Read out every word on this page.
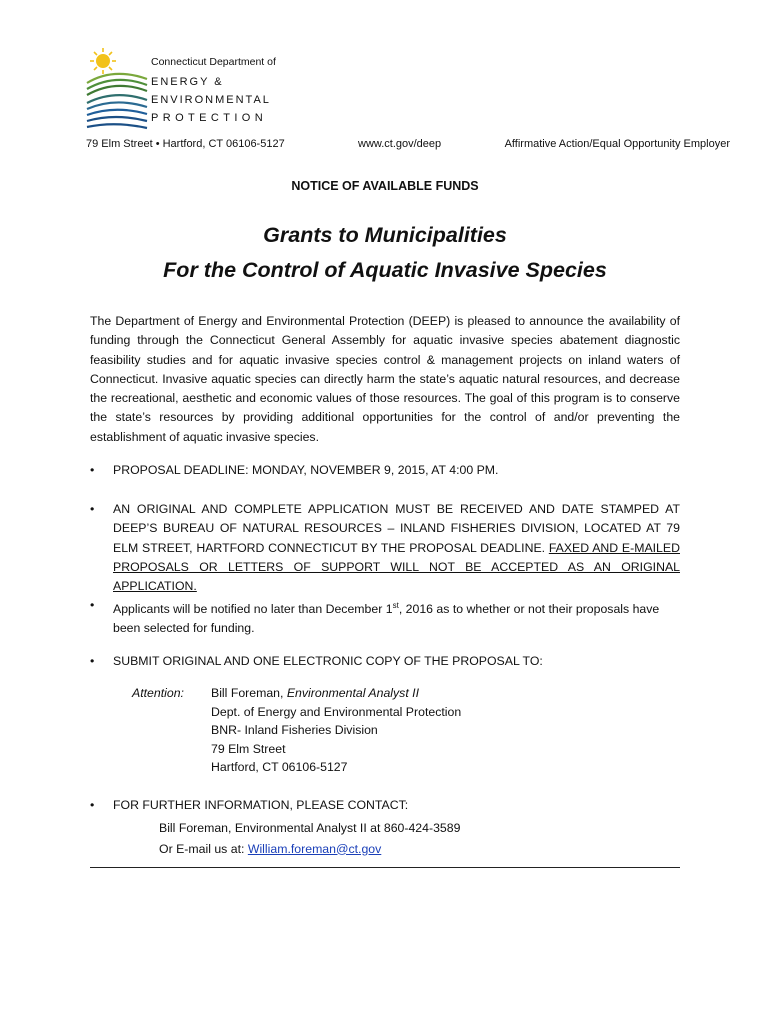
Connecticut Department of
ENERGY &
ENVIRONMENTAL
PROTECTION
79 Elm Street • Hartford, CT 06106-5127	www.ct.gov/deep	Affirmative Action/Equal Opportunity Employer
NOTICE OF AVAILABLE FUNDS
Grants to Municipalities
For the Control of Aquatic Invasive Species
The Department of Energy and Environmental Protection (DEEP) is pleased to announce the availability of funding through the Connecticut General Assembly for aquatic invasive species abatement diagnostic feasibility studies and for aquatic invasive species control & management projects on inland waters of Connecticut. Invasive aquatic species can directly harm the state’s aquatic natural resources, and decrease the recreational, aesthetic and economic values of those resources. The goal of this program is to conserve the state’s resources by providing additional opportunities for the control of and/or preventing the establishment of aquatic invasive species.
•	PROPOSAL DEADLINE: MONDAY, NOVEMBER 9, 2015, AT 4:00 PM.
•	AN ORIGINAL AND COMPLETE APPLICATION MUST BE RECEIVED AND DATE STAMPED AT DEEP’S BUREAU OF NATURAL RESOURCES – INLAND FISHERIES DIVISION, LOCATED AT 79 ELM STREET, HARTFORD CONNECTICUT BY THE PROPOSAL DEADLINE. FAXED AND E-MAILED PROPOSALS OR LETTERS OF SUPPORT WILL NOT BE ACCEPTED AS AN ORIGINAL APPLICATION.
•	Applicants will be notified no later than December 1st, 2016 as to whether or not their proposals have been selected for funding.
•	SUBMIT ORIGINAL AND ONE ELECTRONIC COPY OF THE PROPOSAL TO:
Attention: Bill Foreman, Environmental Analyst II
Dept. of Energy and Environmental Protection
BNR- Inland Fisheries Division
79 Elm Street
Hartford, CT 06106-5127
•	FOR FURTHER INFORMATION, PLEASE CONTACT:
Bill Foreman, Environmental Analyst II at 860-424-3589
Or E-mail us at: William.foreman@ct.gov
